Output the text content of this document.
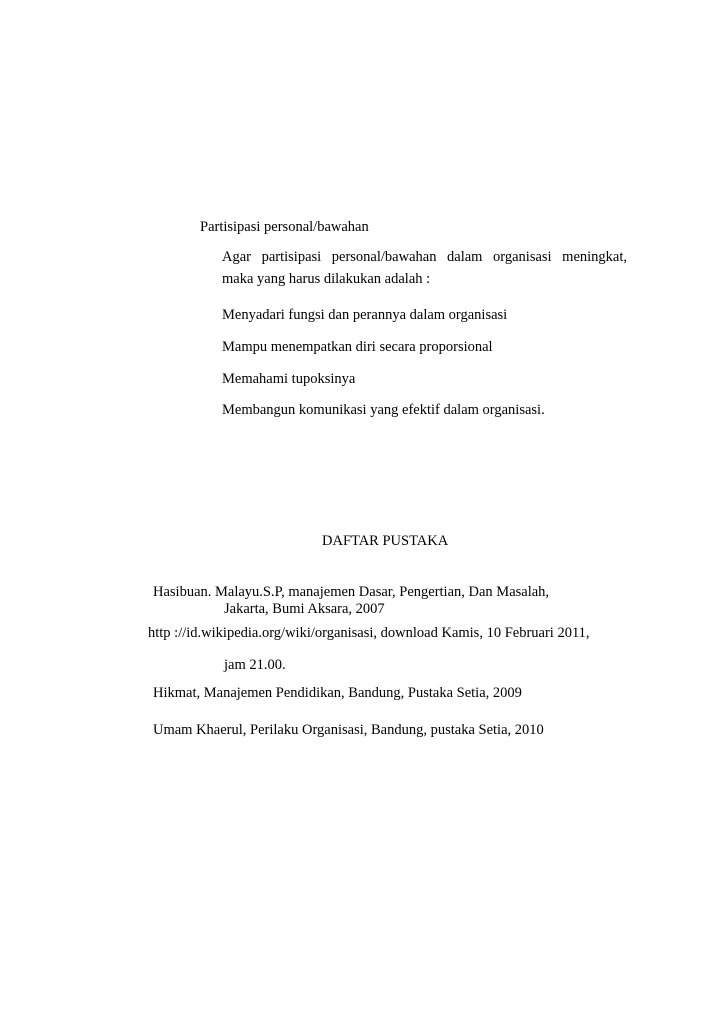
Partisipasi personal/bawahan
Agar partisipasi personal/bawahan dalam organisasi meningkat,
maka yang harus dilakukan adalah :
Menyadari fungsi dan perannya dalam organisasi
Mampu menempatkan diri secara proporsional
Memahami tupoksinya
Membangun komunikasi yang efektif dalam organisasi.
DAFTAR PUSTAKA
Hasibuan. Malayu.S.P, manajemen Dasar, Pengertian, Dan Masalah,
Jakarta, Bumi Aksara, 2007
http ://id.wikipedia.org/wiki/organisasi, download Kamis, 10 Februari 2011,
jam 21.00.
Hikmat, Manajemen Pendidikan, Bandung, Pustaka Setia, 2009
Umam Khaerul, Perilaku Organisasi, Bandung, pustaka Setia, 2010
